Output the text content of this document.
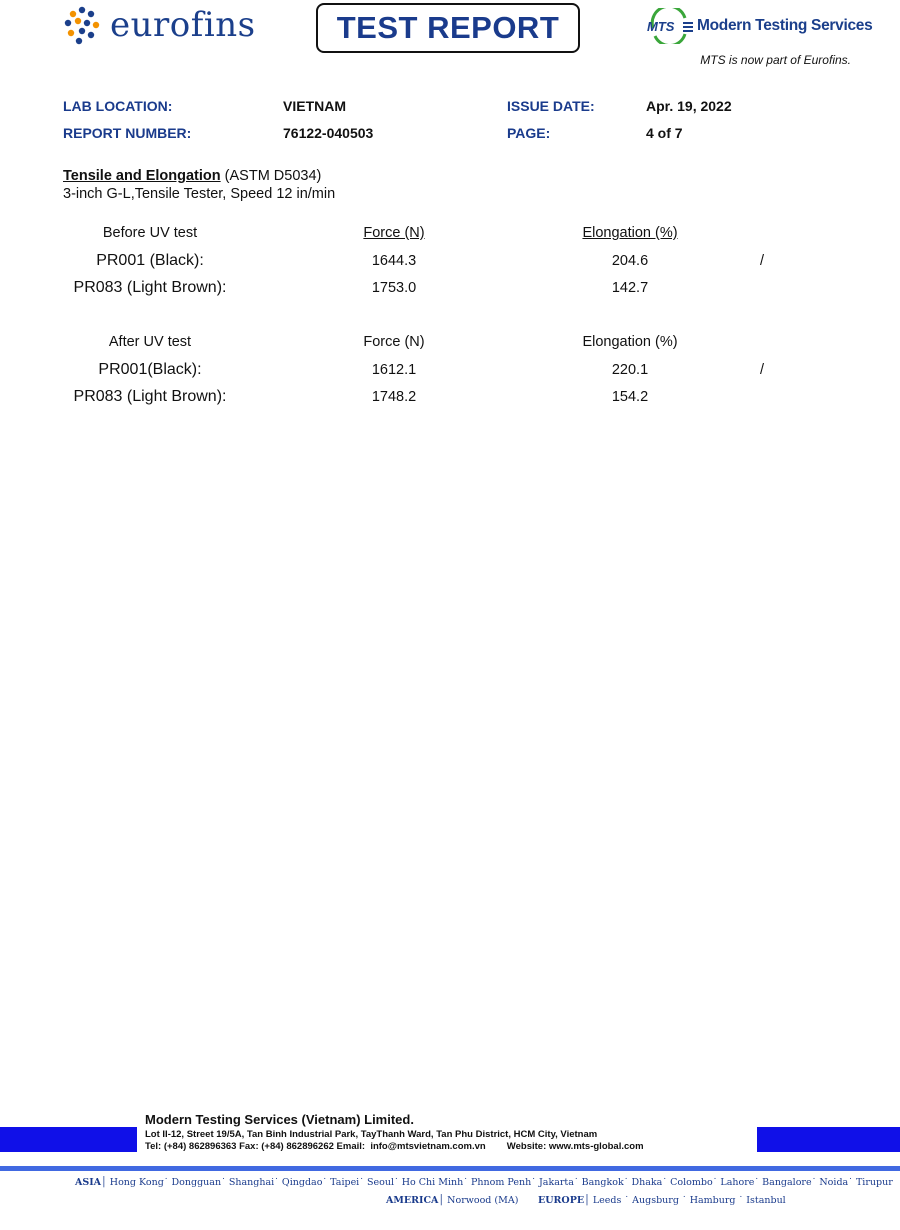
eurofins	TEST REPORT	MTS Modern Testing Services
MTS is now part of Eurofins.
LAB LOCATION:	VIETNAM
REPORT NUMBER:	76122-040503
ISSUE DATE:	Apr. 19, 2022
PAGE:	4 of 7
Tensile and Elongation (ASTM D5034)
3-inch G-L,Tensile Tester, Speed 12 in/min
Before UV test	Force (N)	Elongation (%)
PR001 (Black):	1644.3	204.6	/
PR083 (Light Brown):	1753.0	142.7
After UV test	Force (N)	Elongation (%)
PR001(Black):	1612.1	220.1	/
PR083 (Light Brown):	1748.2	154.2
Modern Testing Services (Vietnam) Limited.
Lot II-12, Street 19/5A, Tan Binh Industrial Park, TayThanh Ward, Tan Phu District, HCM City, Vietnam
Tel: (+84) 862896363 Fax: (+84) 862896262 Email:  info@mtsvietnam.com.vn        Website: www.mts-global.com
ASIA│ Hong Kong˙ Dongguan˙ Shanghai˙ Qingdao˙ Taipei˙ Seoul˙ Ho Chi Minh˙ Phnom Penh˙ Jakarta˙ Bangkok˙ Dhaka˙ Colombo˙ Lahore˙ Bangalore˙ Noida˙ Tirupur
AMERICA│ Norwood (MA) EUROPE│ Leeds ˙ Augsburg ˙ Hamburg ˙ Istanbul
